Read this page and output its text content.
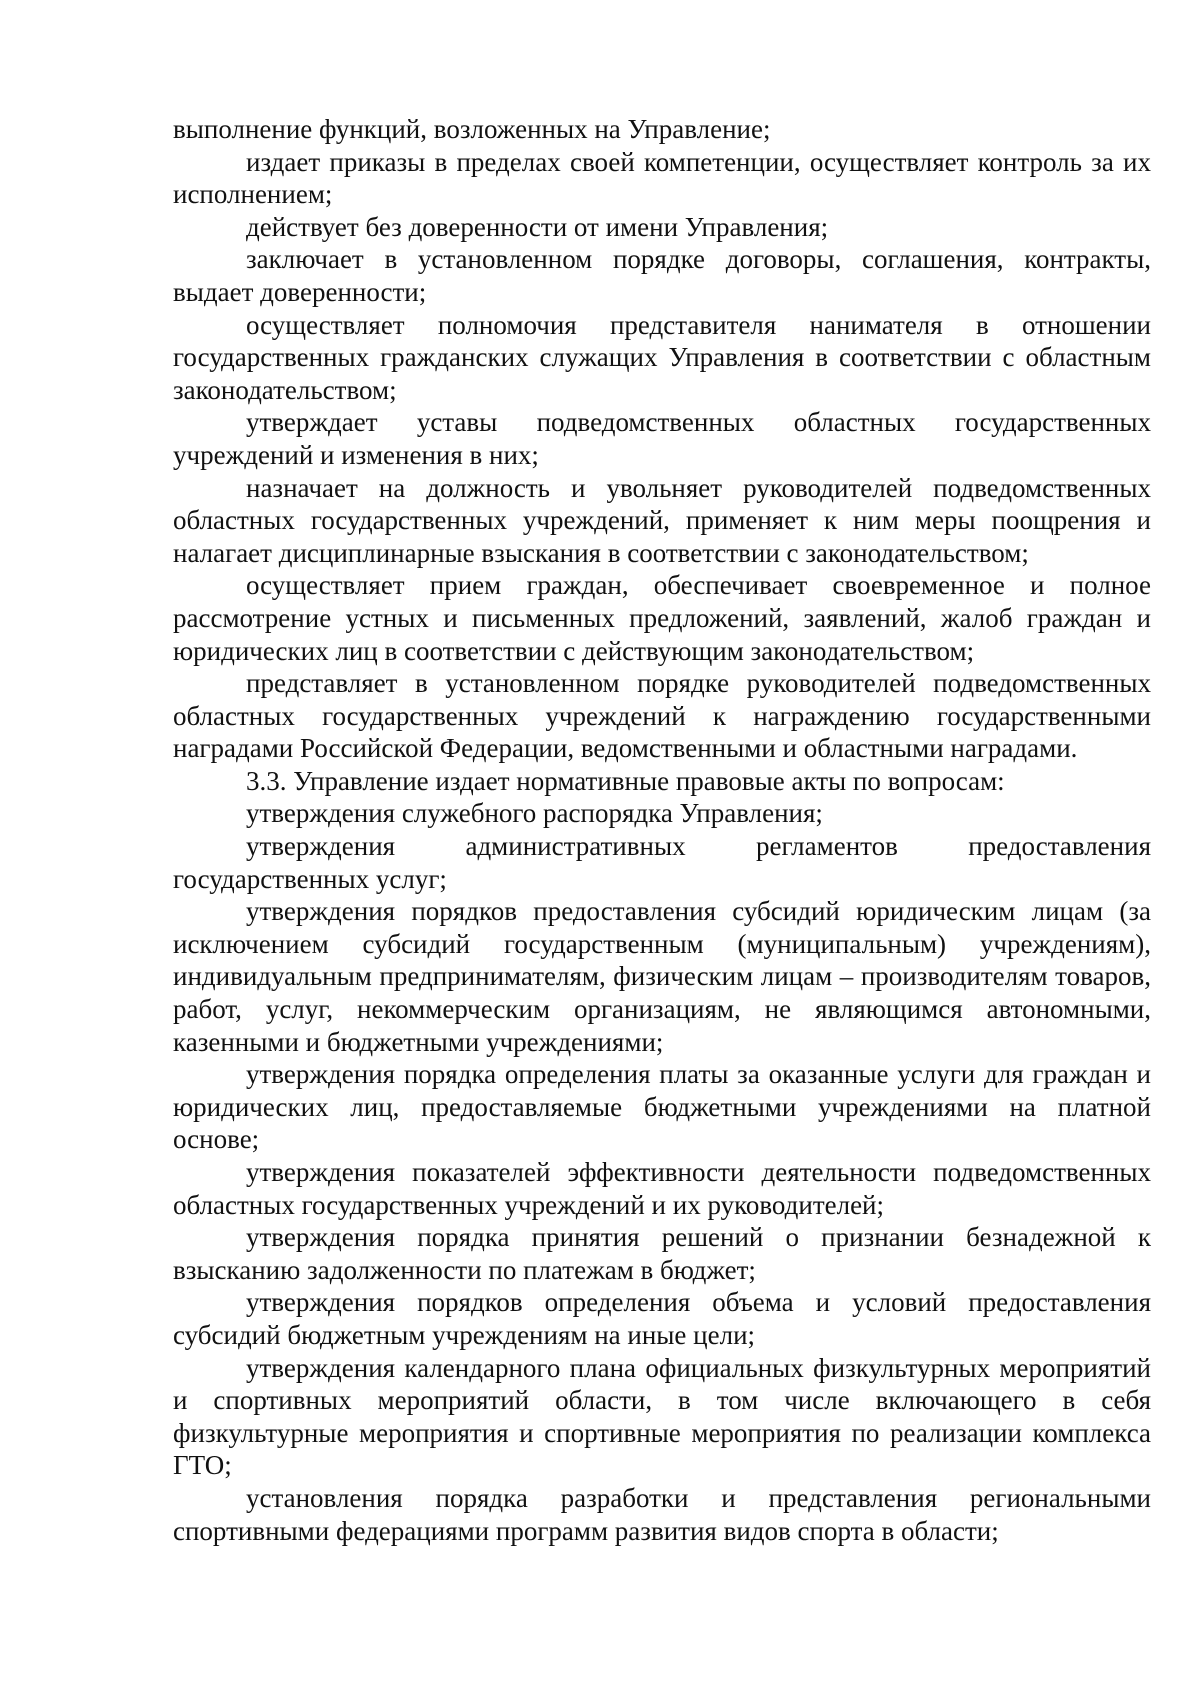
выполнение функций, возложенных на Управление;

издает приказы в пределах своей компетенции, осуществляет контроль за их исполнением;

действует без доверенности от имени Управления;

заключает в установленном порядке договоры, соглашения, контракты, выдает доверенности;

осуществляет полномочия представителя нанимателя в отношении государственных гражданских служащих Управления в соответствии с областным законодательством;

утверждает уставы подведомственных областных государственных учреждений и изменения в них;

назначает на должность и увольняет руководителей подведомственных областных государственных учреждений, применяет к ним меры поощрения и налагает дисциплинарные взыскания в соответствии с законодательством;

осуществляет прием граждан, обеспечивает своевременное и полное рассмотрение устных и письменных предложений, заявлений, жалоб граждан и юридических лиц в соответствии с действующим законодательством;

представляет в установленном порядке руководителей подведомственных областных государственных учреждений к награждению государственными наградами Российской Федерации, ведомственными и областными наградами.

3.3. Управление издает нормативные правовые акты по вопросам:

утверждения служебного распорядка Управления;

утверждения административных регламентов предоставления государственных услуг;

утверждения порядков предоставления субсидий юридическим лицам (за исключением субсидий государственным (муниципальным) учреждениям), индивидуальным предпринимателям, физическим лицам – производителям товаров, работ, услуг, некоммерческим организациям, не являющимся автономными, казенными и бюджетными учреждениями;

утверждения порядка определения платы за оказанные услуги для граждан и юридических лиц, предоставляемые бюджетными учреждениями на платной основе;

утверждения показателей эффективности деятельности подведомственных областных государственных учреждений и их руководителей;

утверждения порядка принятия решений о признании безнадежной к взысканию задолженности по платежам в бюджет;

утверждения порядков определения объема и условий предоставления субсидий бюджетным учреждениям на иные цели;

утверждения календарного плана официальных физкультурных мероприятий и спортивных мероприятий области, в том числе включающего в себя физкультурные мероприятия и спортивные мероприятия по реализации комплекса ГТО;

установления порядка разработки и представления региональными спортивными федерациями программ развития видов спорта в области;
